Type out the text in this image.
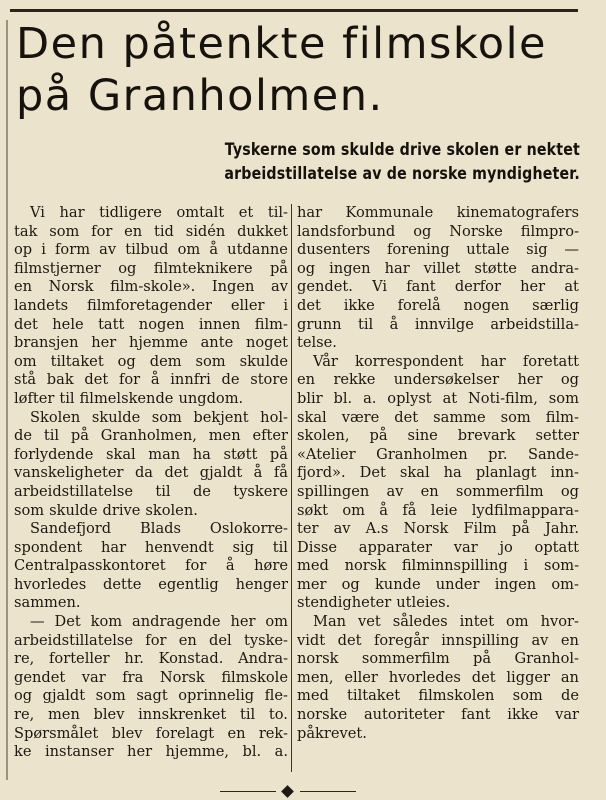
Den påtenkte filmskole
på Granholmen.
Tyskerne som skulde drive skolen er nektet
arbeidstillatelse av de norske myndigheter.
Vi har tidligere omtalt et til-
tak som for en tid sidén dukket
op i form av tilbud om å utdanne
filmstjerner og filmteknikere på
en Norsk film-skole». Ingen av
landets filmforetagender eller i
det hele tatt nogen innen film-
bransjen her hjemme ante noget
om tiltaket og dem som skulde
stå bak det for å innfri de store
løfter til filmelskende ungdom.
Skolen skulde som bekjent hol-
de til på Granholmen, men efter
forlydende skal man ha støtt på
vanskeligheter da det gjaldt å få
arbeidstillatelse til de tyskere
som skulde drive skolen.
Sandefjord Blads Oslokorre-
spondent har henvendt sig til
Centralpasskontoret for å høre
hvorledes dette egentlig henger
sammen.
— Det kom andragende her om
arbeidstillatelse for en del tyske-
re, forteller hr. Konstad. Andra-
gendet var fra Norsk filmskole
og gjaldt som sagt oprinnelig fle-
re, men blev innskrenket til to.
Spørsmålet blev forelagt en rek-
ke instanser her hjemme, bl. a.
har Kommunale kinematografers
landsforbund og Norske filmpro-
dusenters forening uttale sig —
og ingen har villet støtte andra-
gendet. Vi fant derfor her at
det ikke forelå nogen særlig
grunn til å innvilge arbeidstilla-
telse.
Vår korrespondent har foretatt
en rekke undersøkelser her og
blir bl. a. oplyst at Noti-film, som
skal være det samme som film-
skolen, på sine brevark setter
«Atelier Granholmen pr. Sande-
fjord». Det skal ha planlagt inn-
spillingen av en sommerfilm og
søkt om å få leie lydfilmappara-
ter av A.s Norsk Film på Jahr.
Disse apparater var jo optatt
med norsk filminnspilling i som-
mer og kunde under ingen om-
stendigheter utleies.
Man vet således intet om hvor-
vidt det foregår innspilling av en
norsk sommerfilm på Granhol-
men, eller hvorledes det ligger an
med tiltaket filmskolen som de
norske autoriteter fant ikke var
påkrevet.
